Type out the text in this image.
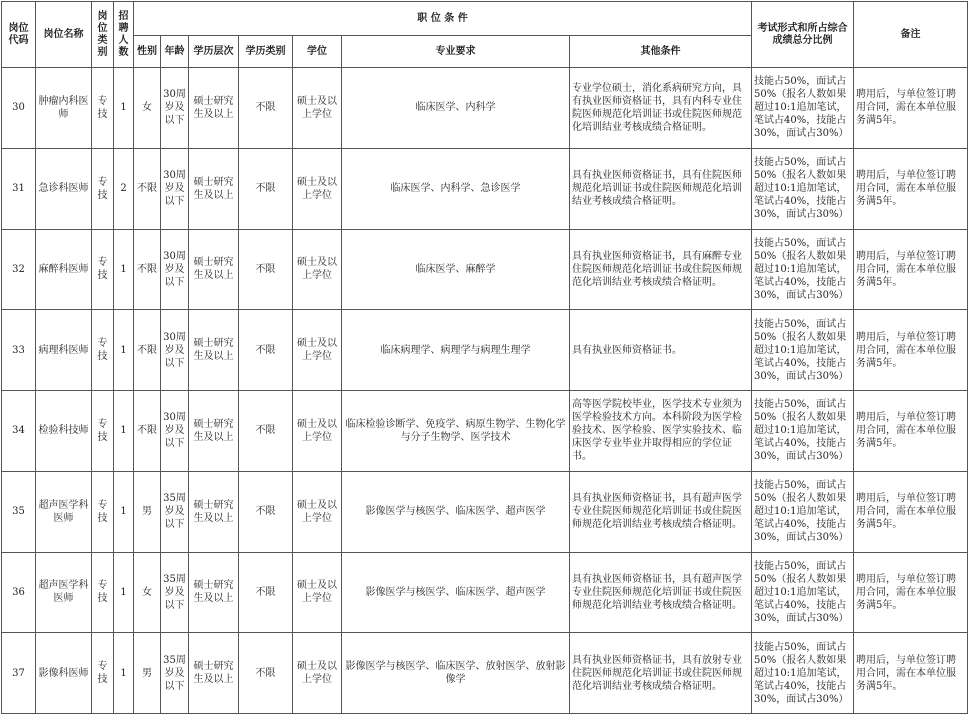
岗位代码	岗位名称	岗位类别	招聘人数	职 位 条 件							考试形式和所占综合成绩总分比例	备注
				性别	年龄	学历层次	学历类别	学位	专业要求	其他条件		
30	肿瘤内科医师	专技	1	女	30周岁及以下	硕士研究生及以上	不限	硕士及以上学位	临床医学、内科学	专业学位硕士，消化系病研究方向，具有执业医师资格证书，具有内科专业住院医师规范化培训证书或住院医师规范化培训结业考核成绩合格证明。	技能占50%，面试占50%（报名人数如果超过10:1追加笔试，笔试占40%，技能占30%，面试占30%）	聘用后，与单位签订聘用合同，需在本单位服务满5年。
31	急诊科医师	专技	2	不限	30周岁及以下	硕士研究生及以上	不限	硕士及以上学位	临床医学、内科学、急诊医学	具有执业医师资格证书，具有住院医师规范化培训证书或住院医师规范化培训结业考核成绩合格证明。	技能占50%，面试占50%（报名人数如果超过10:1追加笔试，笔试占40%，技能占30%，面试占30%）	聘用后，与单位签订聘用合同，需在本单位服务满5年。
32	麻醉科医师	专技	1	不限	30周岁及以下	硕士研究生及以上	不限	硕士及以上学位	临床医学、麻醉学	具有执业医师资格证书，具有麻醉专业住院医师规范化培训证书或住院医师规范化培训结业考核成绩合格证明。	技能占50%，面试占50%（报名人数如果超过10:1追加笔试，笔试占40%，技能占30%，面试占30%）	聘用后，与单位签订聘用合同，需在本单位服务满5年。
33	病理科医师	专技	1	不限	30周岁及以下	硕士研究生及以上	不限	硕士及以上学位	临床病理学、病理学与病理生理学	具有执业医师资格证书。	技能占50%，面试占50%（报名人数如果超过10:1追加笔试，笔试占40%，技能占30%，面试占30%）	聘用后，与单位签订聘用合同，需在本单位服务满5年。
34	检验科技师	专技	1	不限	30周岁及以下	硕士研究生及以上	不限	硕士及以上学位	临床检验诊断学、免疫学、病原生物学、生物化学与分子生物学、医学技术	高等医学院校毕业，医学技术专业须为医学检验技术方向。本科阶段为医学检验技术、医学检验、医学实验技术、临床医学专业毕业并取得相应的学位证书。	技能占50%，面试占50%（报名人数如果超过10:1追加笔试，笔试占40%，技能占30%，面试占30%）	聘用后，与单位签订聘用合同，需在本单位服务满5年。
35	超声医学科医师	专技	1	男	35周岁及以下	硕士研究生及以上	不限	硕士及以上学位	影像医学与核医学、临床医学、超声医学	具有执业医师资格证书，具有超声医学专业住院医师规范化培训证书或住院医师规范化培训结业考核成绩合格证明。	技能占50%，面试占50%（报名人数如果超过10:1追加笔试，笔试占40%，技能占30%，面试占30%）	聘用后，与单位签订聘用合同，需在本单位服务满5年。
36	超声医学科医师	专技	1	女	35周岁及以下	硕士研究生及以上	不限	硕士及以上学位	影像医学与核医学、临床医学、超声医学	具有执业医师资格证书，具有超声医学专业住院医师规范化培训证书或住院医师规范化培训结业考核成绩合格证明。	技能占50%，面试占50%（报名人数如果超过10:1追加笔试，笔试占40%，技能占30%，面试占30%）	聘用后，与单位签订聘用合同，需在本单位服务满5年。
37	影像科医师	专技	1	男	35周岁及以下	硕士研究生及以上	不限	硕士及以上学位	影像医学与核医学、临床医学、放射医学、放射影像学	具有执业医师资格证书，具有放射专业住院医师规范化培训证书或住院医师规范化培训结业考核成绩合格证明。	技能占50%，面试占50%（报名人数如果超过10:1追加笔试，笔试占40%，技能占30%，面试占30%）	聘用后，与单位签订聘用合同，需在本单位服务满5年。
